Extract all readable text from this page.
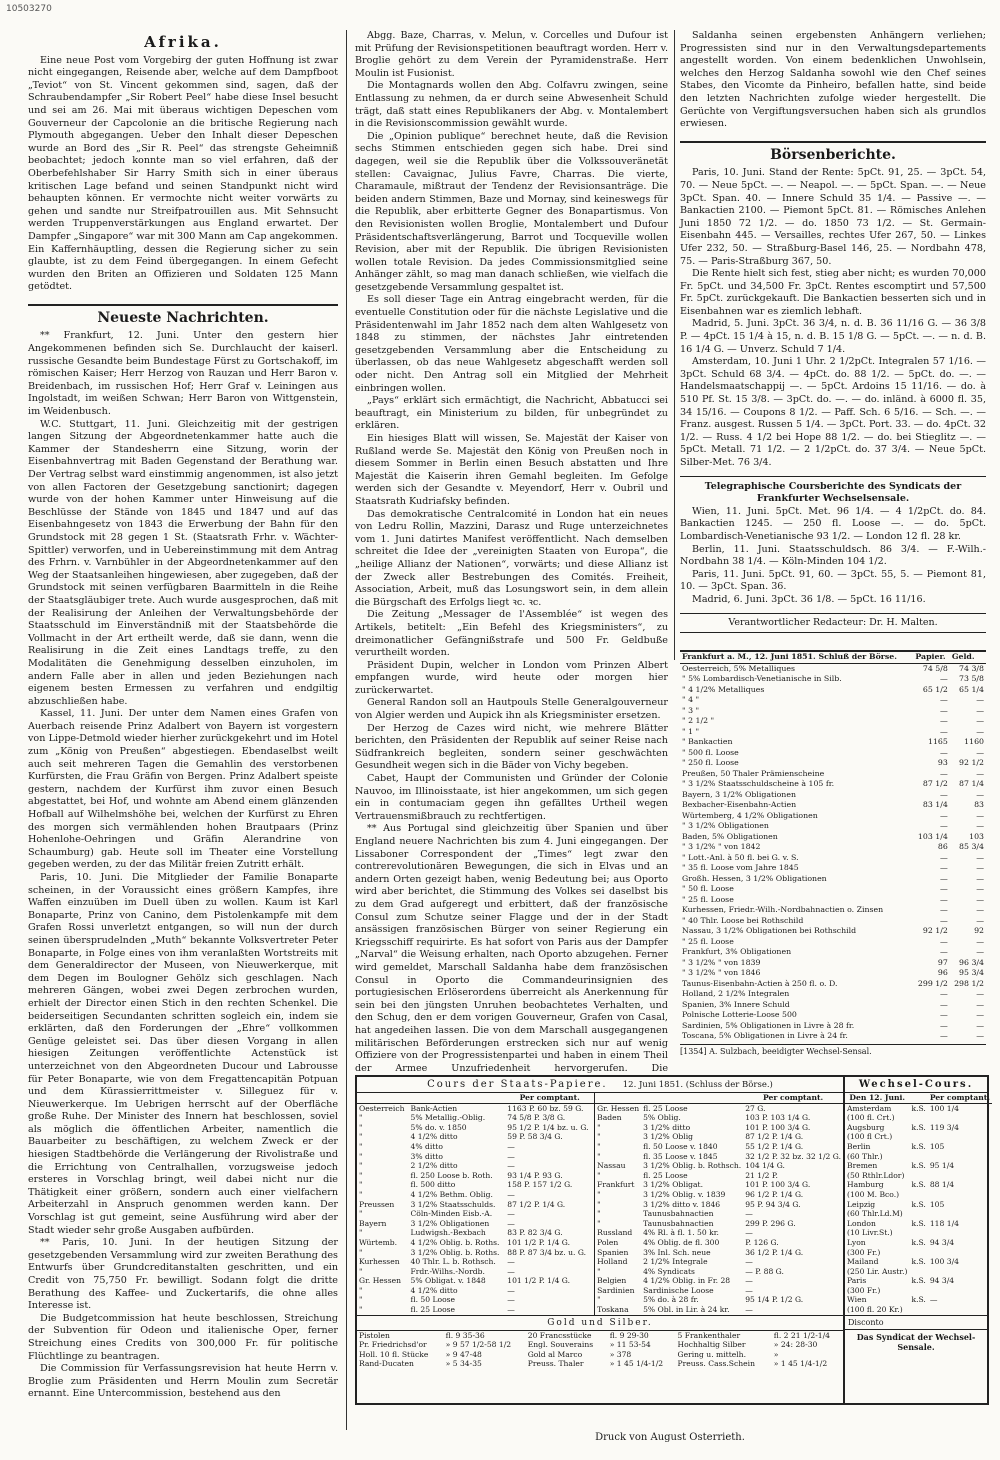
10503270
Afrika.

Eine neue Post vom Vorgebirg der guten Hoffnung ist zwar nicht eingegangen, Reisende aber, welche auf dem Dampfboot „Teviot“ von St. Vincent gekommen sind, sagen, daß der Schraubendampfer „Sir Robert Peel“ habe diese Insel besucht und sei am 26. Mai mit überaus wichtigen Depeschen vom Gouverneur der Capcolonie an die britische Regierung nach Plymouth abgegangen. Ueber den Inhalt dieser Depeschen wurde an Bord des „Sir R. Peel“ das strengste Geheimniß beobachtet; jedoch konnte man so viel erfahren, daß der Oberbefehlshaber Sir Harry Smith sich in einer überaus kritischen Lage befand und seinen Standpunkt nicht wird behaupten können. Er vermochte nicht weiter vorwärts zu gehen und sandte nur Streifpatrouillen aus. Mit Sehnsucht werden Truppenverstärkungen aus England erwartet. Der Dampfer „Singapore“ war mit 300 Mann am Cap angekommen. Ein Kaffernhäuptling, dessen die Regierung sicher zu sein glaubte, ist zu dem Feind übergegangen. In einem Gefecht wurden den Briten an Offizieren und Soldaten 125 Mann getödtet.

Neueste Nachrichten.

** Frankfurt, 12. Juni. Unter den gestern hier Angekommenen befinden sich Se. Durchlaucht der kaiserl. russische Gesandte beim Bundestage Fürst zu Gortschakoff, im römischen Kaiser; Herr Herzog von Rauzan und Herr Baron v. Breidenbach, im russischen Hof; Herr Graf v. Leiningen aus Ingolstadt, im weißen Schwan; Herr Baron von Wittgenstein, im Weidenbusch.

W.C. Stuttgart, 11. Juni. Gleichzeitig mit der gestrigen langen Sitzung der Abgeordnetenkammer hatte auch die Kammer der Standesherrn eine Sitzung, worin der Eisenbahnvertrag mit Baden Gegenstand der Berathung war. Der Vertrag selbst ward einstimmig angenommen, ist also jetzt von allen Factoren der Gesetzgebung sanctionirt; dagegen wurde von der hohen Kammer unter Hinweisung auf die Beschlüsse der Stände von 1845 und 1847 und auf das Eisenbahngesetz von 1843 die Erwerbung der Bahn für den Grundstock mit 28 gegen 1 St. (Staatsrath Frhr. v. Wächter-Spittler) verworfen, und in Uebereinstimmung mit dem Antrag des Frhrn. v. Varnbühler in der Abgeordnetenkammer auf den Weg der Staatsanleihen hingewiesen, aber zugegeben, daß der Grundstock mit seinen verfügbaren Baarmitteln in die Reihe der Staatsgläubiger trete. Auch wurde ausgesprochen, daß mit der Realisirung der Anleihen der Verwaltungsbehörde der Staatsschuld im Einverständniß mit der Staatsbehörde die Vollmacht in der Art ertheilt werde, daß sie dann, wenn die Realisirung in die Zeit eines Landtags treffe, zu den Modalitäten die Genehmigung desselben einzuholen, im andern Falle aber in allen und jeden Beziehungen nach eigenem besten Ermessen zu verfahren und endgiltig abzuschließen habe.

Kassel, 11. Juni. Der unter dem Namen eines Grafen von Auerbach reisende Prinz Adalbert von Bayern ist vorgestern von Lippe-Detmold wieder hierher zurückgekehrt und im Hotel zum „König von Preußen“ abgestiegen. Ebendaselbst weilt auch seit mehreren Tagen die Gemahlin des verstorbenen Kurfürsten, die Frau Gräfin von Bergen. Prinz Adalbert speiste gestern, nachdem der Kurfürst ihm zuvor einen Besuch abgestattet, bei Hof, und wohnte am Abend einem glänzenden Hofball auf Wilhelmshöhe bei, welchen der Kurfürst zu Ehren des morgen sich vermählenden hohen Brautpaars (Prinz Hohenlohe-Oehringen und Gräfin Alerandrine von Schaumburg) gab. Heute soll im Theater eine Vorstellung gegeben werden, zu der das Militär freien Zutritt erhält.

Paris, 10. Juni. Die Mitglieder der Familie Bonaparte scheinen, in der Voraussicht eines größern Kampfes, ihre Waffen einzuüben im Duell üben zu wollen. Kaum ist Karl Bonaparte, Prinz von Canino, dem Pistolenkampfe mit dem Grafen Rossi unverletzt entgangen, so will nun der durch seinen übersprudelnden „Muth“ bekannte Volksvertreter Peter Bonaparte, in Folge eines von ihm veranlaßten Wortstreits mit dem Generaldirector der Museen, von Nieuwerkerque, mit dem Degen im Boulogner Gehölz sich geschlagen. Nach mehreren Gängen, wobei zwei Degen zerbrochen wurden, erhielt der Director einen Stich in den rechten Schenkel. Die beiderseitigen Secundanten schritten sogleich ein, indem sie erklärten, daß den Forderungen der „Ehre“ vollkommen Genüge geleistet sei. Das über diesen Vorgang in allen hiesigen Zeitungen veröffentlichte Actenstück ist unterzeichnet von den Abgeordneten Ducour und Labrousse für Peter Bonaparte, wie von dem Fregattencapitän Potpuan und dem Kürassierrittmeister v. Silleguez für v. Nieuwerkerque. Im Uebrigen herrscht auf der Oberfläche große Ruhe. Der Minister des Innern hat beschlossen, soviel als möglich die öffentlichen Arbeiter, namentlich die Bauarbeiter zu beschäftigen, zu welchem Zweck er der hiesigen Stadtbehörde die Verlängerung der Rivolistraße und die Errichtung von Centralhallen, vorzugsweise jedoch ersteres in Vorschlag bringt, weil dabei nicht nur die Thätigkeit einer größern, sondern auch einer vielfachern Arbeiterzahl in Anspruch genommen werden kann. Der Vorschlag ist gut gemeint, seine Ausführung wird aber der Stadt wieder sehr große Ausgaben aufbürden.

** Paris, 10. Juni. In der heutigen Sitzung der gesetzgebenden Versammlung wird zur zweiten Berathung des Entwurfs über Grundcreditanstalten geschritten, und ein Credit von 75,750 Fr. bewilligt. Sodann folgt die dritte Berathung des Kaffee- und Zuckertarifs, die ohne alles Interesse ist.

Die Budgetcommission hat heute beschlossen, Streichung der Subvention für Odeon und italienische Oper, ferner Streichung eines Credits von 300,000 Fr. für politische Flüchtlinge zu beantragen.

Die Commission für Verfassungsrevision hat heute Herrn v. Broglie zum Präsidenten und Herrn Moulin zum Secretär ernannt. Eine Untercommission, bestehend aus den

Abgg. Baze, Charras, v. Melun, v. Corcelles und Dufour ist mit Prüfung der Revisionspetitionen beauftragt worden. Herr v. Broglie gehört zu dem Verein der Pyramidenstraße. Herr Moulin ist Fusionist.

Die Montagnards wollen den Abg. Colfavru zwingen, seine Entlassung zu nehmen, da er durch seine Abwesenheit Schuld trägt, daß statt eines Republikaners der Abg. v. Montalembert in die Revisionscommission gewählt wurde.

Die „Opinion publique“ berechnet heute, daß die Revision sechs Stimmen entschieden gegen sich habe. Drei sind dagegen, weil sie die Republik über die Volkssouveränetät stellen: Cavaignac, Julius Favre, Charras. Die vierte, Charamaule, mißtraut der Tendenz der Revisionsanträge. Die beiden andern Stimmen, Baze und Mornay, sind keineswegs für die Republik, aber erbitterte Gegner des Bonapartismus. Von den Revisionisten wollen Broglie, Montalembert und Dufour Präsidentschaftsverlängerung, Barrot und Tocqueville wollen Revision, aber mit der Republik. Die übrigen Revisionisten wollen totale Revision. Da jedes Commissionsmitglied seine Anhänger zählt, so mag man danach schließen, wie vielfach die gesetzgebende Versammlung gespaltet ist.

Es soll dieser Tage ein Antrag eingebracht werden, für die eventuelle Constitution oder für die nächste Legislative und die Präsidentenwahl im Jahr 1852 nach dem alten Wahlgesetz von 1848 zu stimmen, der nächstes Jahr eintretenden gesetzgebenden Versammlung aber die Entscheidung zu überlassen, ob das neue Wahlgesetz abgeschafft werden soll oder nicht. Den Antrag soll ein Mitglied der Mehrheit einbringen wollen.

„Pays“ erklärt sich ermächtigt, die Nachricht, Abbatucci sei beauftragt, ein Ministerium zu bilden, für unbegründet zu erklären.

Ein hiesiges Blatt will wissen, Se. Majestät der Kaiser von Rußland werde Se. Majestät den König von Preußen noch in diesem Sommer in Berlin einen Besuch abstatten und Ihre Majestät die Kaiserin ihren Gemahl begleiten. Im Gefolge werden sich der Gesandte v. Meyendorf, Herr v. Oubril und Staatsrath Kudriafsky befinden.

Das demokratische Centralcomité in London hat ein neues von Ledru Rollin, Mazzini, Darasz und Ruge unterzeichnetes vom 1. Juni datirtes Manifest veröffentlicht. Nach demselben schreitet die Idee der „vereinigten Staaten von Europa“, die „heilige Allianz der Nationen“, vorwärts; und diese Allianz ist der Zweck aller Bestrebungen des Comités. Freiheit, Association, Arbeit, muß das Losungswort sein, in dem allein die Bürgschaft des Erfolgs liegt ꝛc. ꝛc.

Die Zeitung „Messager de l'Assemblée“ ist wegen des Artikels, betitelt: „Ein Befehl des Kriegsministers“, zu dreimonatlicher Gefängnißstrafe und 500 Fr. Geldbuße verurtheilt worden.

Präsident Dupin, welcher in London vom Prinzen Albert empfangen wurde, wird heute oder morgen hier zurückerwartet.

General Randon soll an Hautpouls Stelle Generalgouverneur von Algier werden und Aupick ihn als Kriegsminister ersetzen.

Der Herzog de Cazes wird nicht, wie mehrere Blätter berichten, den Präsidenten der Republik auf seiner Reise nach Südfrankreich begleiten, sondern seiner geschwächten Gesundheit wegen sich in die Bäder von Vichy begeben.

Cabet, Haupt der Communisten und Gründer der Colonie Nauvoo, im Illinoisstaate, ist hier angekommen, um sich gegen ein in contumaciam gegen ihn gefälltes Urtheil wegen Vertrauensmißbrauch zu rechtfertigen.

** Aus Portugal sind gleichzeitig über Spanien und über England neuere Nachrichten bis zum 4. Juni eingegangen. Der Lissaboner Correspondent der „Times“ legt zwar den contrerevolutionären Bewegungen, die sich in Elvas und an andern Orten gezeigt haben, wenig Bedeutung bei; aus Oporto wird aber berichtet, die Stimmung des Volkes sei daselbst bis zu dem Grad aufgeregt und erbittert, daß der französische Consul zum Schutze seiner Flagge und der in der Stadt ansässigen französischen Bürger von seiner Regierung ein Kriegsschiff requirirte. Es hat sofort von Paris aus der Dampfer „Narval“ die Weisung erhalten, nach Oporto abzugehen. Ferner wird gemeldet, Marschall Saldanha habe dem französischen Consul in Oporto die Commandeurinsignien des portugiesischen Erlöserordens überreicht als Anerkennung für sein bei den jüngsten Unruhen beobachtetes Verhalten, und den Schug, den er dem vorigen Gouverneur, Grafen von Casal, hat angedeihen lassen. Die von dem Marschall ausgegangenen militärischen Beförderungen erstrecken sich nur auf wenig Offiziere von der Progressistenpartei und haben in einem Theil der Armee Unzufriedenheit hervorgerufen. Die

Saldanha seinen ergebensten Anhängern verliehen; Progressisten sind nur in den Verwaltungsdepartements angestellt worden. Von einem bedenklichen Unwohlsein, welches den Herzog Saldanha sowohl wie den Chef seines Stabes, den Vicomte da Pinheiro, befallen hatte, sind beide den letzten Nachrichten zufolge wieder hergestellt. Die Gerüchte von Vergiftungsversuchen haben sich als grundlos erwiesen.

Börsenberichte.

Paris, 10. Juni. Stand der Rente: 5pCt. 91, 25. — 3pCt. 54, 70. — Neue 5pCt. —. — Neapol. —. — 5pCt. Span. —. — Neue 3pCt. Span. 40. — Innere Schuld 35 1/4. — Passive —. — Bankactien 2100. — Piemont 5pCt. 81. — Römisches Anlehen Juni 1850 72 1/2. — do. 1850 73 1/2. — St. Germain-Eisenbahn 445. — Versailles, rechtes Ufer 267, 50. — Linkes Ufer 232, 50. — Straßburg-Basel 146, 25. — Nordbahn 478, 75. — Paris-Straßburg 367, 50.

Die Rente hielt sich fest, stieg aber nicht; es wurden 70,000 Fr. 5pCt. und 34,500 Fr. 3pCt. Rentes escomptirt und 57,500 Fr. 5pCt. zurückgekauft. Die Bankactien besserten sich und in Eisenbahnen war es ziemlich lebhaft.

Madrid, 5. Juni. 3pCt. 36 3/4, n. d. B. 36 11/16 G. — 36 3/8 P. — 4pCt. 15 1/4 à 15, n. d. B. 15 1/8 G. — 5pCt. —. — n. d. B. 16 1/4 G. — Unverz. Schuld 7 1/4.

Amsterdam, 10. Juni 1 Uhr. 2 1/2pCt. Integralen 57 1/16. — 3pCt. Schuld 68 3/4. — 4pCt. do. 88 1/2. — 5pCt. do. —. — Handelsmaatschappij —. — 5pCt. Ardoins 15 11/16. — do. à 510 Pf. St. 15 3/8. — 3pCt. do. —. — do. inländ. à 6000 fl. 35, 34 15/16. — Coupons 8 1/2. — Paff. Sch. 6 5/16. — Sch. —. — Franz. ausgest. Russen 5 1/4. — 3pCt. Port. 33. — do. 4pCt. 32 1/2. — Russ. 4 1/2 bei Hope 88 1/2. — do. bei Stieglitz —. — 5pCt. Metall. 71 1/2. — 2 1/2pCt. do. 37 3/4. — Neue 5pCt. Silber-Met. 76 3/4.

Telegraphische Coursberichte des Syndicats der Frankfurter Wechselsensale.

Wien, 11. Juni. 5pCt. Met. 96 1/4. — 4 1/2pCt. do. 84. Bankactien 1245. — 250 fl. Loose —. — do. 5pCt. Lombardisch-Venetianische 93 1/2. — London 12 fl. 28 kr.

Berlin, 11. Juni. Staatsschuldsch. 86 3/4. — F.-Wilh.-Nordbahn 38 1/4. — Köln-Minden 104 1/2.

Paris, 11. Juni. 5pCt. 91, 60. — 3pCt. 55, 5. — Piemont 81, 10. — 3pCt. Span. 36.

Madrid, 6. Juni. 3pCt. 36 1/8. — 5pCt. 16 11/16.

Verantwortlicher Redacteur: Dr. H. Malten.
Frankfurt a. M., 12. Juni 1851. Schluß der Börse.	Papier.	Geld.
Oesterreich, 5% Metalliques	74 5/8	74 3/8
" 5% Lombardisch-Venetianische in Silb.	—	73 5/8
" 4 1/2% Metalliques	65 1/2	65 1/4
" 4 "	—	—
" 3 "	—	—
" 2 1/2 "	—	—
" 1 "	—	—
" Bankactien	1165	1160
" 500 fl. Loose	—	—
" 250 fl. Loose	93	92 1/2
Preußen, 50 Thaler Prämienscheine	—	—
" 3 1/2% Staatsschuldscheine à 105 fr.	87 1/2	87 1/4
Bayern, 3 1/2% Obligationen	—	—
Bexbacher-Eisenbahn-Actien	83 1/4	83
Würtemberg, 4 1/2% Obligationen	—	—
" 3 1/2% Obligationen	—	—
Baden, 5% Obligationen	103 1/4	103
" 3 1/2% " von 1842	86	85 3/4
" Lott.-Anl. à 50 fl. bei G. v. S.	—	—
" 35 fl. Loose vom Jahre 1845	—	—
Großh. Hessen, 3 1/2% Obligationen	—	—
" 50 fl. Loose	—	—
" 25 fl. Loose	—	—
Kurhessen, Friedr.-Wilh.-Nordbahnactien o. Zinsen	—	—
" 40 Thlr. Loose bei Rothschild	—	—
Nassau, 3 1/2% Obligationen bei Rothschild	92 1/2	92
" 25 fl. Loose	—	—
Frankfurt, 3% Obligationen	—	—
" 3 1/2% " von 1839	97	96 3/4
" 3 1/2% " von 1846	96	95 3/4
Taunus-Eisenbahn-Actien à 250 fl. o. D.	299 1/2	298 1/2
Holland, 2 1/2% Integralen	—	—
Spanien, 3% Innere Schuld	—	—
Polnische Lotterie-Loose 500	—	—
Sardinien, 5% Obligationen in Livre à 28 fr.	—	—
Toscana, 5% Obligationen in Livre à 24 fr.	—	—
[1354] A. Sulzbach, beeidigter Wechsel-Sensal.
Cours der Staats-Papiere. 12. Juni 1851. (Schluss der Börse.)
		Per comptant.
Oesterreich	Bank-Actien	1163 P. 60 bz. 59 G.
"	5% Metallig.-Oblig.	74 5/8 P. 3/8 G.
"	5% do. v. 1850	95 1/2 P. 1/4 bz. u. G.
"	4 1/2% ditto	59 P. 58 3/4 G.
"	4% ditto	—
"	3% ditto	—
"	2 1/2% ditto	—
"	fl. 250 Loose b. Roth.	93 1/4 P. 93 G.
"	fl. 500 ditto	158 P. 157 1/2 G.
"	4 1/2% Bethm. Oblig.	—
Preussen	3 1/2% Staatsschulds.	87 1/2 P. 1/4 G.
"	Cöln-Minden Eisb.-A.	—
Bayern	3 1/2% Obligationen	—
"	Ludwigsh.-Bexbach	83 P. 82 3/4 G.
Würtemb.	4 1/2% Oblig. b. Roths.	101 1/2 P. 1/4 G.
"	3 1/2% Oblig. b. Roths.	88 P. 87 3/4 bz. u. G.
Kurhessen	40 Thlr. L. b. Rothsch.	—
"	Frdr.-Wilhs.-Nordb.	—
Gr. Hessen	5% Obligat. v. 1848	101 1/2 P. 1/4 G.
"	4 1/2% ditto	—
"	fl. 50 Loose	—
"	fl. 25 Loose	—
		Per comptant.
Gr. Hessen	fl. 25 Loose	27 G.
Baden	5% Oblig.	103 P. 103 1/4 G.
"	3 1/2% ditto	101 P. 100 3/4 G.
"	3 1/2% Oblig	87 1/2 P. 1/4 G.
"	fl. 50 Loose v. 1840	55 1/2 P. 1/4 G.
"	fl. 35 Loose v. 1845	32 1/2 P. 32 bz. 32 1/2 G.
Nassau	3 1/2% Oblig. b. Rothsch.	104 1/4 G.
"	fl. 25 Loose	21 1/2 P.
Frankfurt	3 1/2% Obligat.	101 P. 100 3/4 G.
"	3 1/2% Oblig. v. 1839	96 1/2 P. 1/4 G.
"	3 1/2% ditto v. 1846	95 P. 94 3/4 G.
"	Taunusbahnactien	—
"	Taunusbahnactien	299 P. 296 G.
Russland	4% Rl. à fl. 1. 50 kr.	—
Polen	4% Oblig. de fl. 300	P. 126 G.
Spanien	3% Inl. Sch. neue	36 1/2 P. 1/4 G.
Holland	2 1/2% Integrale	—
"	4% Syndicats	— P. 88 G.
Belgien	4 1/2% Oblig. in Fr. 28	—
Sardinien	Sardinische Loose	—
"	5% do. à 28 fr.	95 1/4 P. 1/2 G.
Toskana	5% Obl. in Lir. à 24 kr.	—
Gold und Silber.
Pistolen	fl. 9 35-36	20 Francsstücke	fl. 9 29-30	5 Frankenthaler	fl. 2 21 1/2-1/4
Pr. Friedrichsd'or	» 9 57 1/2-58 1/2	Engl. Souverains	» 11 53-54	Hochhaltig Silber	» 24: 28-30
Holl. 10 fl. Stücke	» 9 47-48	Gold al Marco	» 378	Gering u. mittelh.	»
Rand-Ducaten	» 5 34-35	Preuss. Thaler	» 1 45 1/4-1/2	Preuss. Cass.Schein	» 1 45 1/4-1/2
Wechsel-Cours.
Den 12. Juni.		Per comptant.
Amsterdam	k.S.	100 1/4
(100 fl. Crt.)		
Augsburg	k.S.	119 3/4
(100 fl Crt.)		
Berlin	k.S.	105
(60 Thlr.)		
Bremen	k.S.	95 1/4
(50 Rthlr.Ldor)		
Hamburg	k.S.	88 1/4
(100 M. Bco.)		
Leipzig	k.S.	105
(60 Thlr.Ld.M)		
London	k.S.	118 1/4
(10 Livr.St.)		
Lyon	k.S.	94 3/4
(300 Fr.)		
Mailand	k.S.	100 3/4
(250 Lir. Austr.)		
Paris	k.S.	94 3/4
(300 Fr.)		
Wien	k.S.	—
(100 fl. 20 Kr.)		
Disconto
Das Syndicat der Wechsel-Sensale.
Druck von August Osterrieth.
